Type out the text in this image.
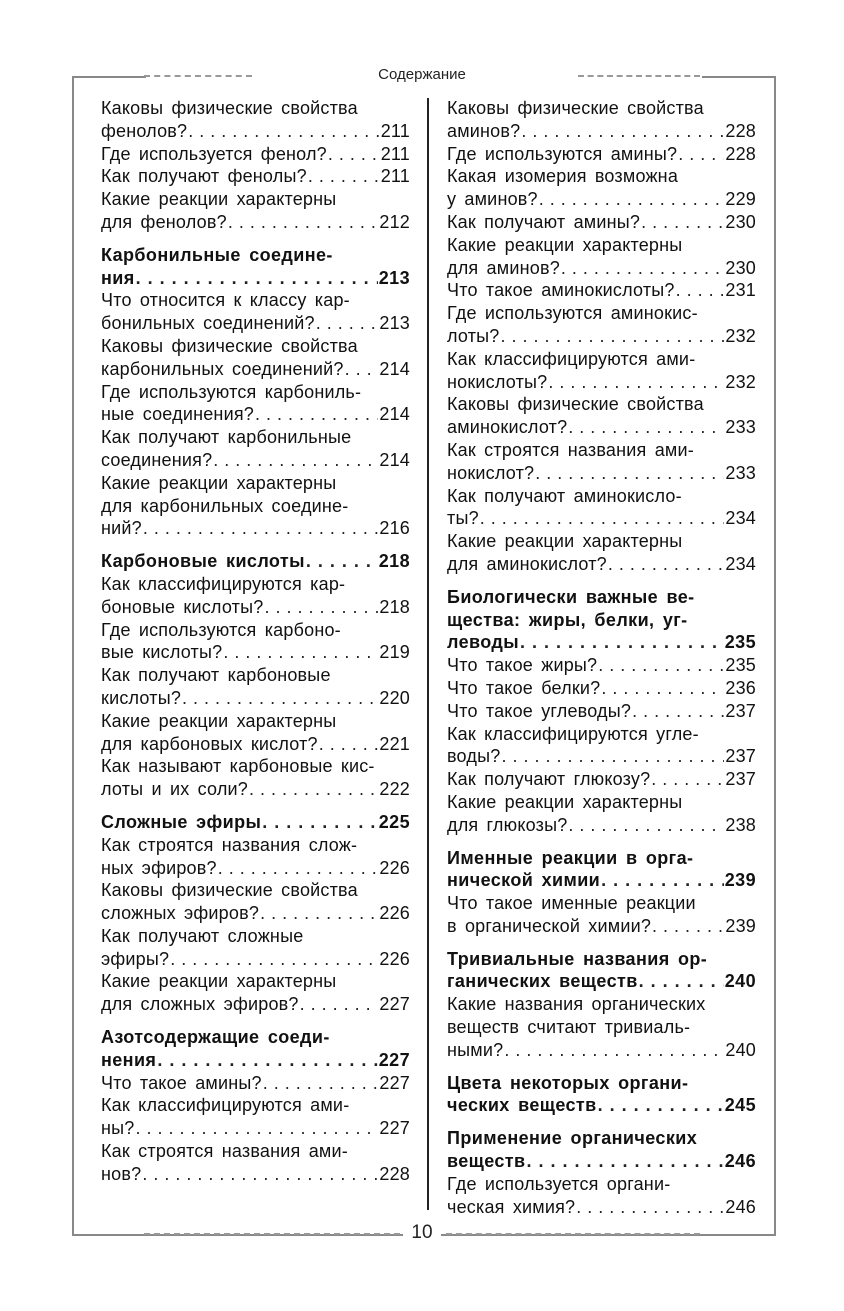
Содержание
Каковы физические свойства
фенолов? . . .	211
Где используется фенол? . . .	211
Как получают фенолы? . . .	211
Какие реакции характерны
для фенолов? . . .	212
Карбонильные соедине-
ния . . .	213
Что относится к классу кар-
бонильных соединений? . . .	213
Каковы физические свойства
карбонильных соединений? . . . 214
Где используются карбониль-
ные соединения? . . .	214
Как получают карбонильные
соединения? . . .	214
Какие реакции характерны
для карбонильных соедине-
ний? . . .	216
Карбоновые кислоты . . .	218
Как классифицируются кар-
боновые кислоты? . . .	218
Где используются карбоно-
вые кислоты? . . .	219
Как получают карбоновые
кислоты? . . .	220
Какие реакции характерны
для карбоновых кислот? . . .	221
Как называют карбоновые кис-
лоты и их соли? . . .	222
Сложные эфиры . . .	225
Как строятся названия слож-
ных эфиров? . . .	226
Каковы физические свойства
сложных эфиров? . . .	226
Как получают сложные
эфиры? . . .	226
Какие реакции характерны
для сложных эфиров? . . .	227
Азотсодержащие соеди-
нения . . .	227
Что такое амины? . . .	227
Как классифицируются ами-
ны? . . .	227
Как строятся названия ами-
нов? . . .	228
Каковы физические свойства
аминов? . . .	228
Где используются амины? . . .	228
Какая изомерия возможна
у аминов? . . .	229
Как получают амины? . . .	230
Какие реакции характерны
для аминов? . . .	230
Что такое аминокислоты? . . .	231
Где используются аминокис-
лоты? . . .	232
Как классифицируются ами-
нокислоты? . . .	232
Каковы физические свойства
аминокислот? . . .	233
Как строятся названия ами-
нокислот? . . .	233
Как получают аминокисло-
ты? . . .	234
Какие реакции характерны
для аминокислот? . . .	234
Биологически важные ве-
щества: жиры, белки, уг-
леводы . . .	235
Что такое жиры? . . .	235
Что такое белки? . . .	236
Что такое углеводы? . . .	237
Как классифицируются угле-
воды? . . .	237
Как получают глюкозу? . . .	237
Какие реакции характерны
для глюкозы? . . .	238
Именные реакции в орга-
нической химии . . .	239
Что такое именные реакции
в органической химии? . . .	239
Тривиальные названия ор-
ганических веществ . . .	240
Какие названия органических
веществ считают тривиаль-
ными? . . .	240
Цвета некоторых органи-
ческих веществ . . .	245
Применение органических
веществ . . .	246
Где используется органи-
ческая химия? . . .	246
10
